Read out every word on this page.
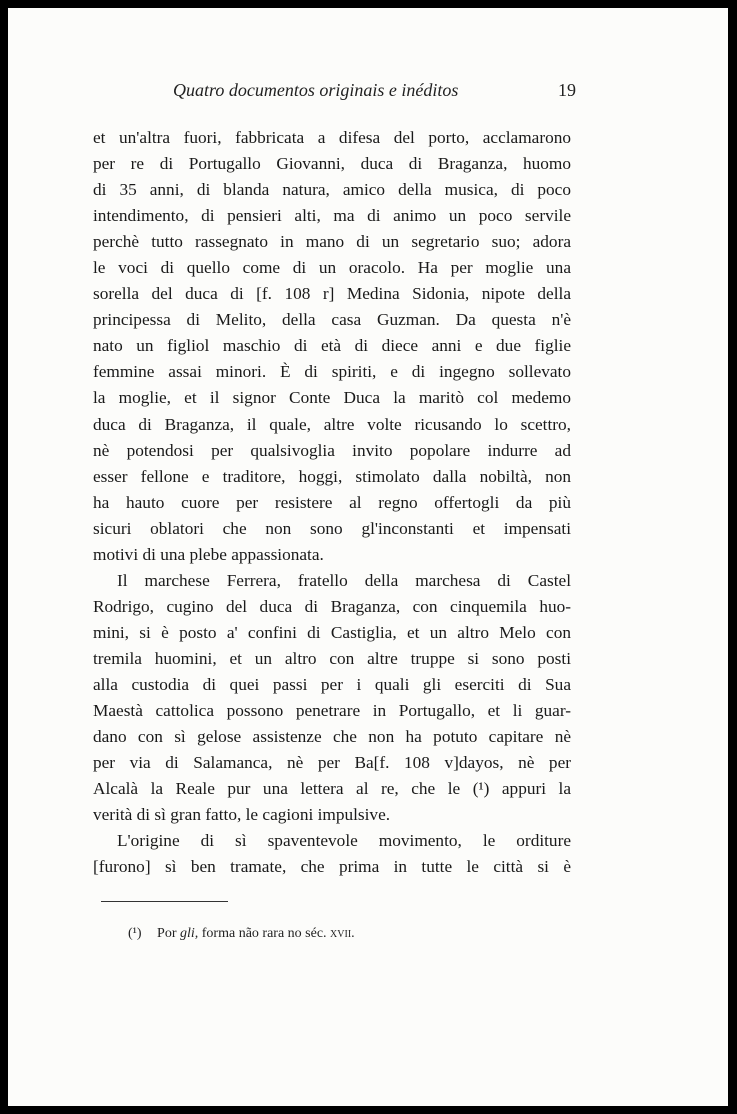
Quatro documentos originais e inéditos	19
et un'altra fuori, fabbricata a difesa del porto, acclamarono
per re di Portugallo Giovanni, duca di Braganza, huomo
di 35 anni, di blanda natura, amico della musica, di poco
intendimento, di pensieri alti, ma di animo un poco servile
perchè tutto rassegnato in mano di un segretario suo; adora
le voci di quello come di un oracolo. Ha per moglie una
sorella del duca di [f. 108 r] Medina Sidonia, nipote della
principessa di Melito, della casa Guzman. Da questa n'è
nato un figliol maschio di età di diece anni e due figlie
femmine assai minori. È di spiriti, e di ingegno sollevato
la moglie, et il signor Conte Duca la maritò col medemo
duca di Braganza, il quale, altre volte ricusando lo scettro,
nè potendosi per qualsivoglia invito popolare indurre ad
esser fellone e traditore, hoggi, stimolato dalla nobiltà, non
ha hauto cuore per resistere al regno offertogli da più
sicuri oblatori che non sono gl'inconstanti et impensati
motivi di una plebe appassionata.
Il marchese Ferrera, fratello della marchesa di Castel
Rodrigo, cugino del duca di Braganza, con cinquemila huo-
mini, si è posto a' confini di Castiglia, et un altro Melo con
tremila huomini, et un altro con altre truppe si sono posti
alla custodia di quei passi per i quali gli eserciti di Sua
Maestà cattolica possono penetrare in Portugallo, et li guar-
dano con sì gelose assistenze che non ha potuto capitare nè
per via di Salamanca, nè per Ba[f. 108 v]dayos, nè per
Alcalà la Reale pur una lettera al re, che le (¹) appuri la
verità di sì gran fatto, le cagioni impulsive.
L'origine di sì spaventevole movimento, le orditure
[furono] sì ben tramate, che prima in tutte le città si è
(¹) Por gli, forma não rara no séc. xvii.
